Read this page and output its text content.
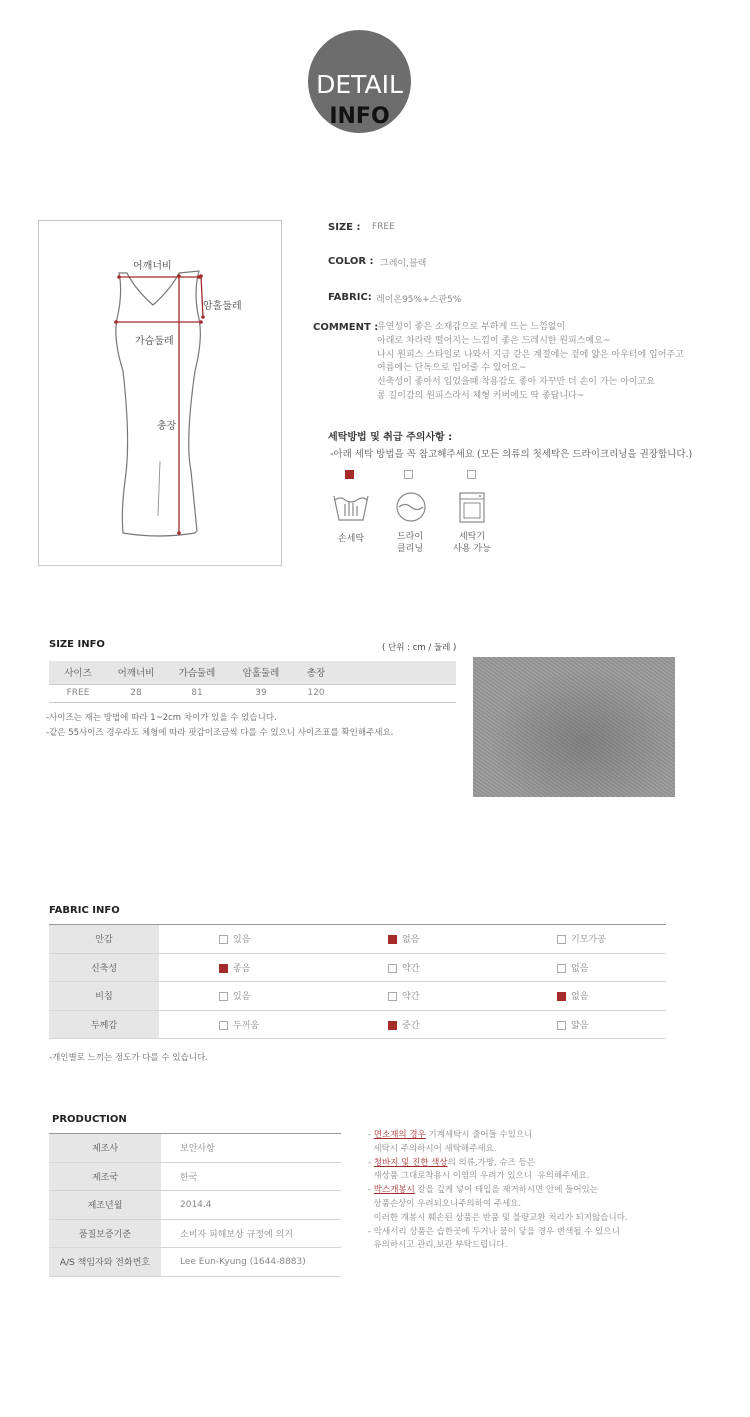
DETAIL
INFO
어깨너비
암홀둘레
가슴둘레
총장
SIZE : FREE
COLOR : 그레이,블랙
FABRIC: 레이온95%+스판5%
COMMENT :
유연성이 좋은 소재감으로 부하게 뜨는 느낌없이
아래로 차라락 떨어지는 느낌이 좋은 드레시한 원피스예요~
나시 원피스 스타일로 나와서 지금 같은 계절에는 겉에 얇은 아우터에 입어주고
여름에는 단독으로 입어줄 수 있어요~
신축성이 좋아서 입었을때 착용감도 좋아 자꾸만 더 손이 가는 아이고요
롱 길이감의 원피스라서 체형 커버에도 딱 좋답니다~
세탁방법 및 취급 주의사항 :
-아래 세탁 방법을 꼭 참고해주세요 (모든 의류의 첫세탁은 드라이크리닝을 권장합니다.)
손세탁	드라이
클리닝
세탁기
사용 가능
SIZE INFO	( 단위 : cm / 둘레 )
사이즈	어깨너비	가슴둘레	암홀둘레	총장	
FREE	28	81	39	120	
-사이즈는 재는 방법에 따라 1~2cm 차이가 있을 수 있습니다.
-같은 55사이즈 경우라도 체형에 따라 핏감이조금씩 다를 수 있으니 사이즈표를 확인해주세요.
FABRIC INFO
안감	있음	없음	기모가공
신축성	좋음	약간	없음
비침	있음	약간	없음
두께감	두꺼움	중간	얇음
-개인별로 느끼는 정도가 다를 수 있습니다.
PRODUCTION
제조사	보안사항
제조국	한국
제조년월	2014.4
품질보증기준	소비자 피해보상 규정에 의거
A/S 책임자와 전화번호	Lee Eun-Kyung (1644-8883)
- 면소재의 경우 기계세탁시 줄어들 수있으니
세탁시 주의하시어 세탁해주세요.
- 청바지 및 진한 색상의 의류,가방, 슈즈 등은
새상품 그대로착용시 이염의 우려가 있으니  유의해주세요.
- 박스개봉시 칼을 깊게 넣어 테입을 제거하시면 안에 들어있는
상품손상이 우려되오니주의하여 주세요.
이러한 개봉시 훼손된 상품은 반품 및 불량교환 처리가 되지않습니다.
- 악세서리 상품은 습한곳에 두거나 물이 닿을 경우 변색될 수 있으니
유의하시고 관리,보관 부탁드립니다.
